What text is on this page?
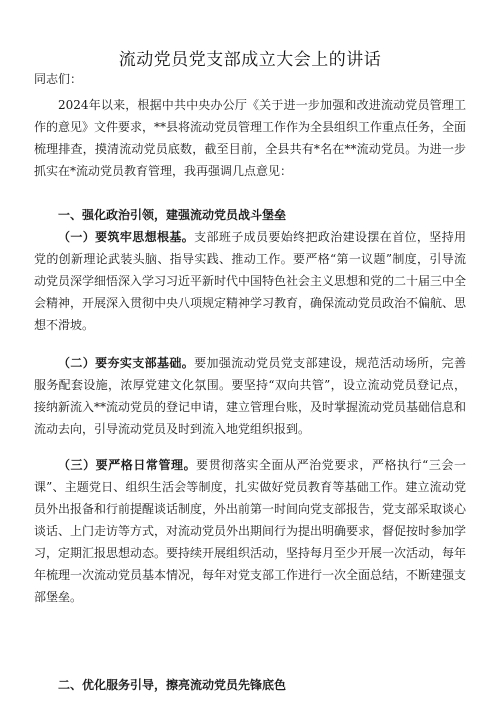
流动党员党支部成立大会上的讲话
同志们：

2024年以来，根据中共中央办公厅《关于进一步加强和改进流动党员管理工作的意见》文件要求，**县将流动党员管理工作作为全县组织工作重点任务，全面梳理排查，摸清流动党员底数，截至目前，全县共有*名在**流动党员。为进一步抓实在*流动党员教育管理，我再强调几点意见：

一、强化政治引领，建强流动党员战斗堡垒

（一）要筑牢思想根基。支部班子成员要始终把政治建设摆在首位，坚持用党的创新理论武装头脑、指导实践、推动工作。要严格“第一议题”制度，引导流动党员深学细悟深入学习习近平新时代中国特色社会主义思想和党的二十届三中全会精神，开展深入贯彻中央八项规定精神学习教育，确保流动党员政治不偏航、思想不滑坡。

（二）要夯实支部基础。要加强流动党员党支部建设，规范活动场所，完善服务配套设施，浓厚党建文化氛围。要坚持“双向共管”，设立流动党员登记点，接纳新流入**流动党员的登记申请，建立管理台账，及时掌握流动党员基础信息和流动去向，引导流动党员及时到流入地党组织报到。

（三）要严格日常管理。要贯彻落实全面从严治党要求，严格执行“三会一课”、主题党日、组织生活会等制度，扎实做好党员教育等基础工作。建立流动党员外出报备和行前提醒谈话制度，外出前第一时间向党支部报告，党支部采取谈心谈话、上门走访等方式，对流动党员外出期间行为提出明确要求，督促按时参加学习，定期汇报思想动态。要持续开展组织活动，坚持每月至少开展一次活动，每年年梳理一次流动党员基本情况，每年对党支部工作进行一次全面总结，不断建强支部堡垒。

二、优化服务引导，擦亮流动党员先锋底色
